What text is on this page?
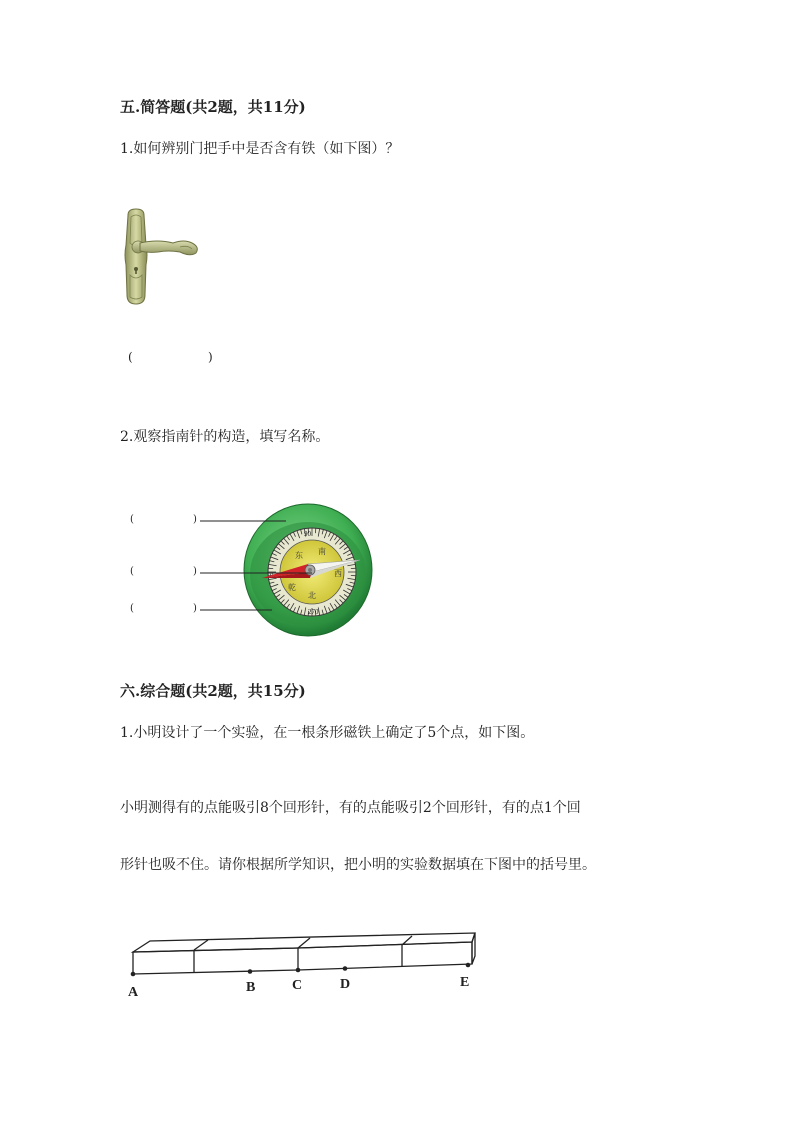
五.简答题(共2题，共11分)
1.如何辨别门把手中是否含有铁（如下图）？
(	)
2.观察指南针的构造，填写名称。
(	)
(	)
(	)
东 南
西
北
乾
90
270
六.综合题(共2题，共15分)
1.小明设计了一个实验，在一根条形磁铁上确定了5个点，如下图。
小明测得有的点能吸引8个回形针，有的点能吸引2个回形针，有的点1个回
形针也吸不住。请你根据所学知识，把小明的实验数据填在下图中的括号里。
A	B	C	D	E
